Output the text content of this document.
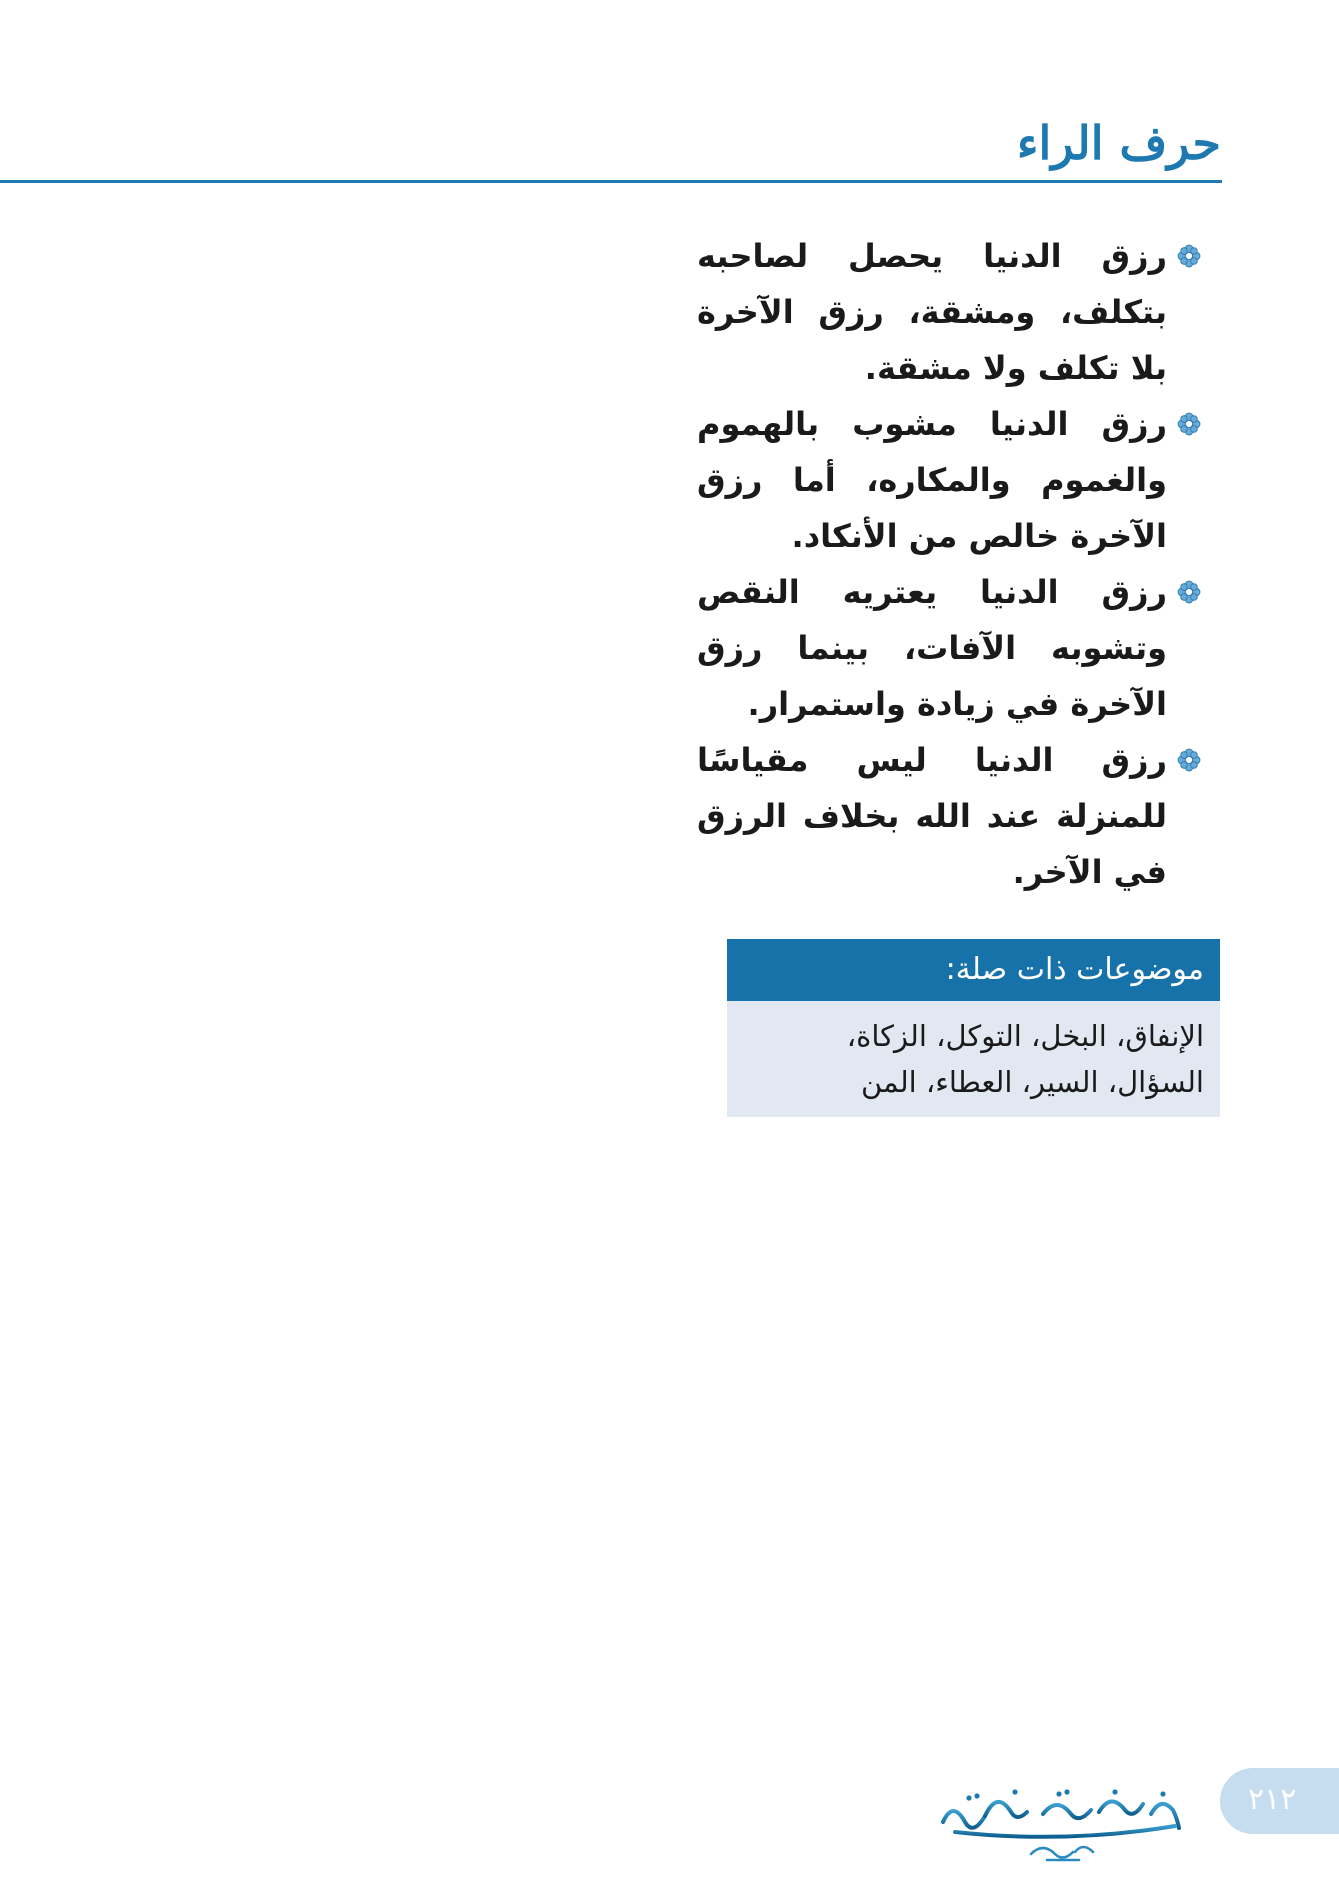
حرف الراء
رزق الدنيا يحصل لصاحبه بتكلف، ومشقة، رزق الآخرة بلا تكلف ولا مشقة.
رزق الدنيا مشوب بالهموم والغموم والمكاره، أما رزق الآخرة خالص من الأنكاد.
رزق الدنيا يعتريه النقص وتشوبه الآفات، بينما رزق الآخرة في زيادة واستمرار.
رزق الدنيا ليس مقياسًا للمنزلة عند الله بخلاف الرزق في الآخر.
موضوعات ذات صلة:
الإنفاق، البخل، التوكل، الزكاة، السؤال، السير، العطاء، المن
٢١٢
